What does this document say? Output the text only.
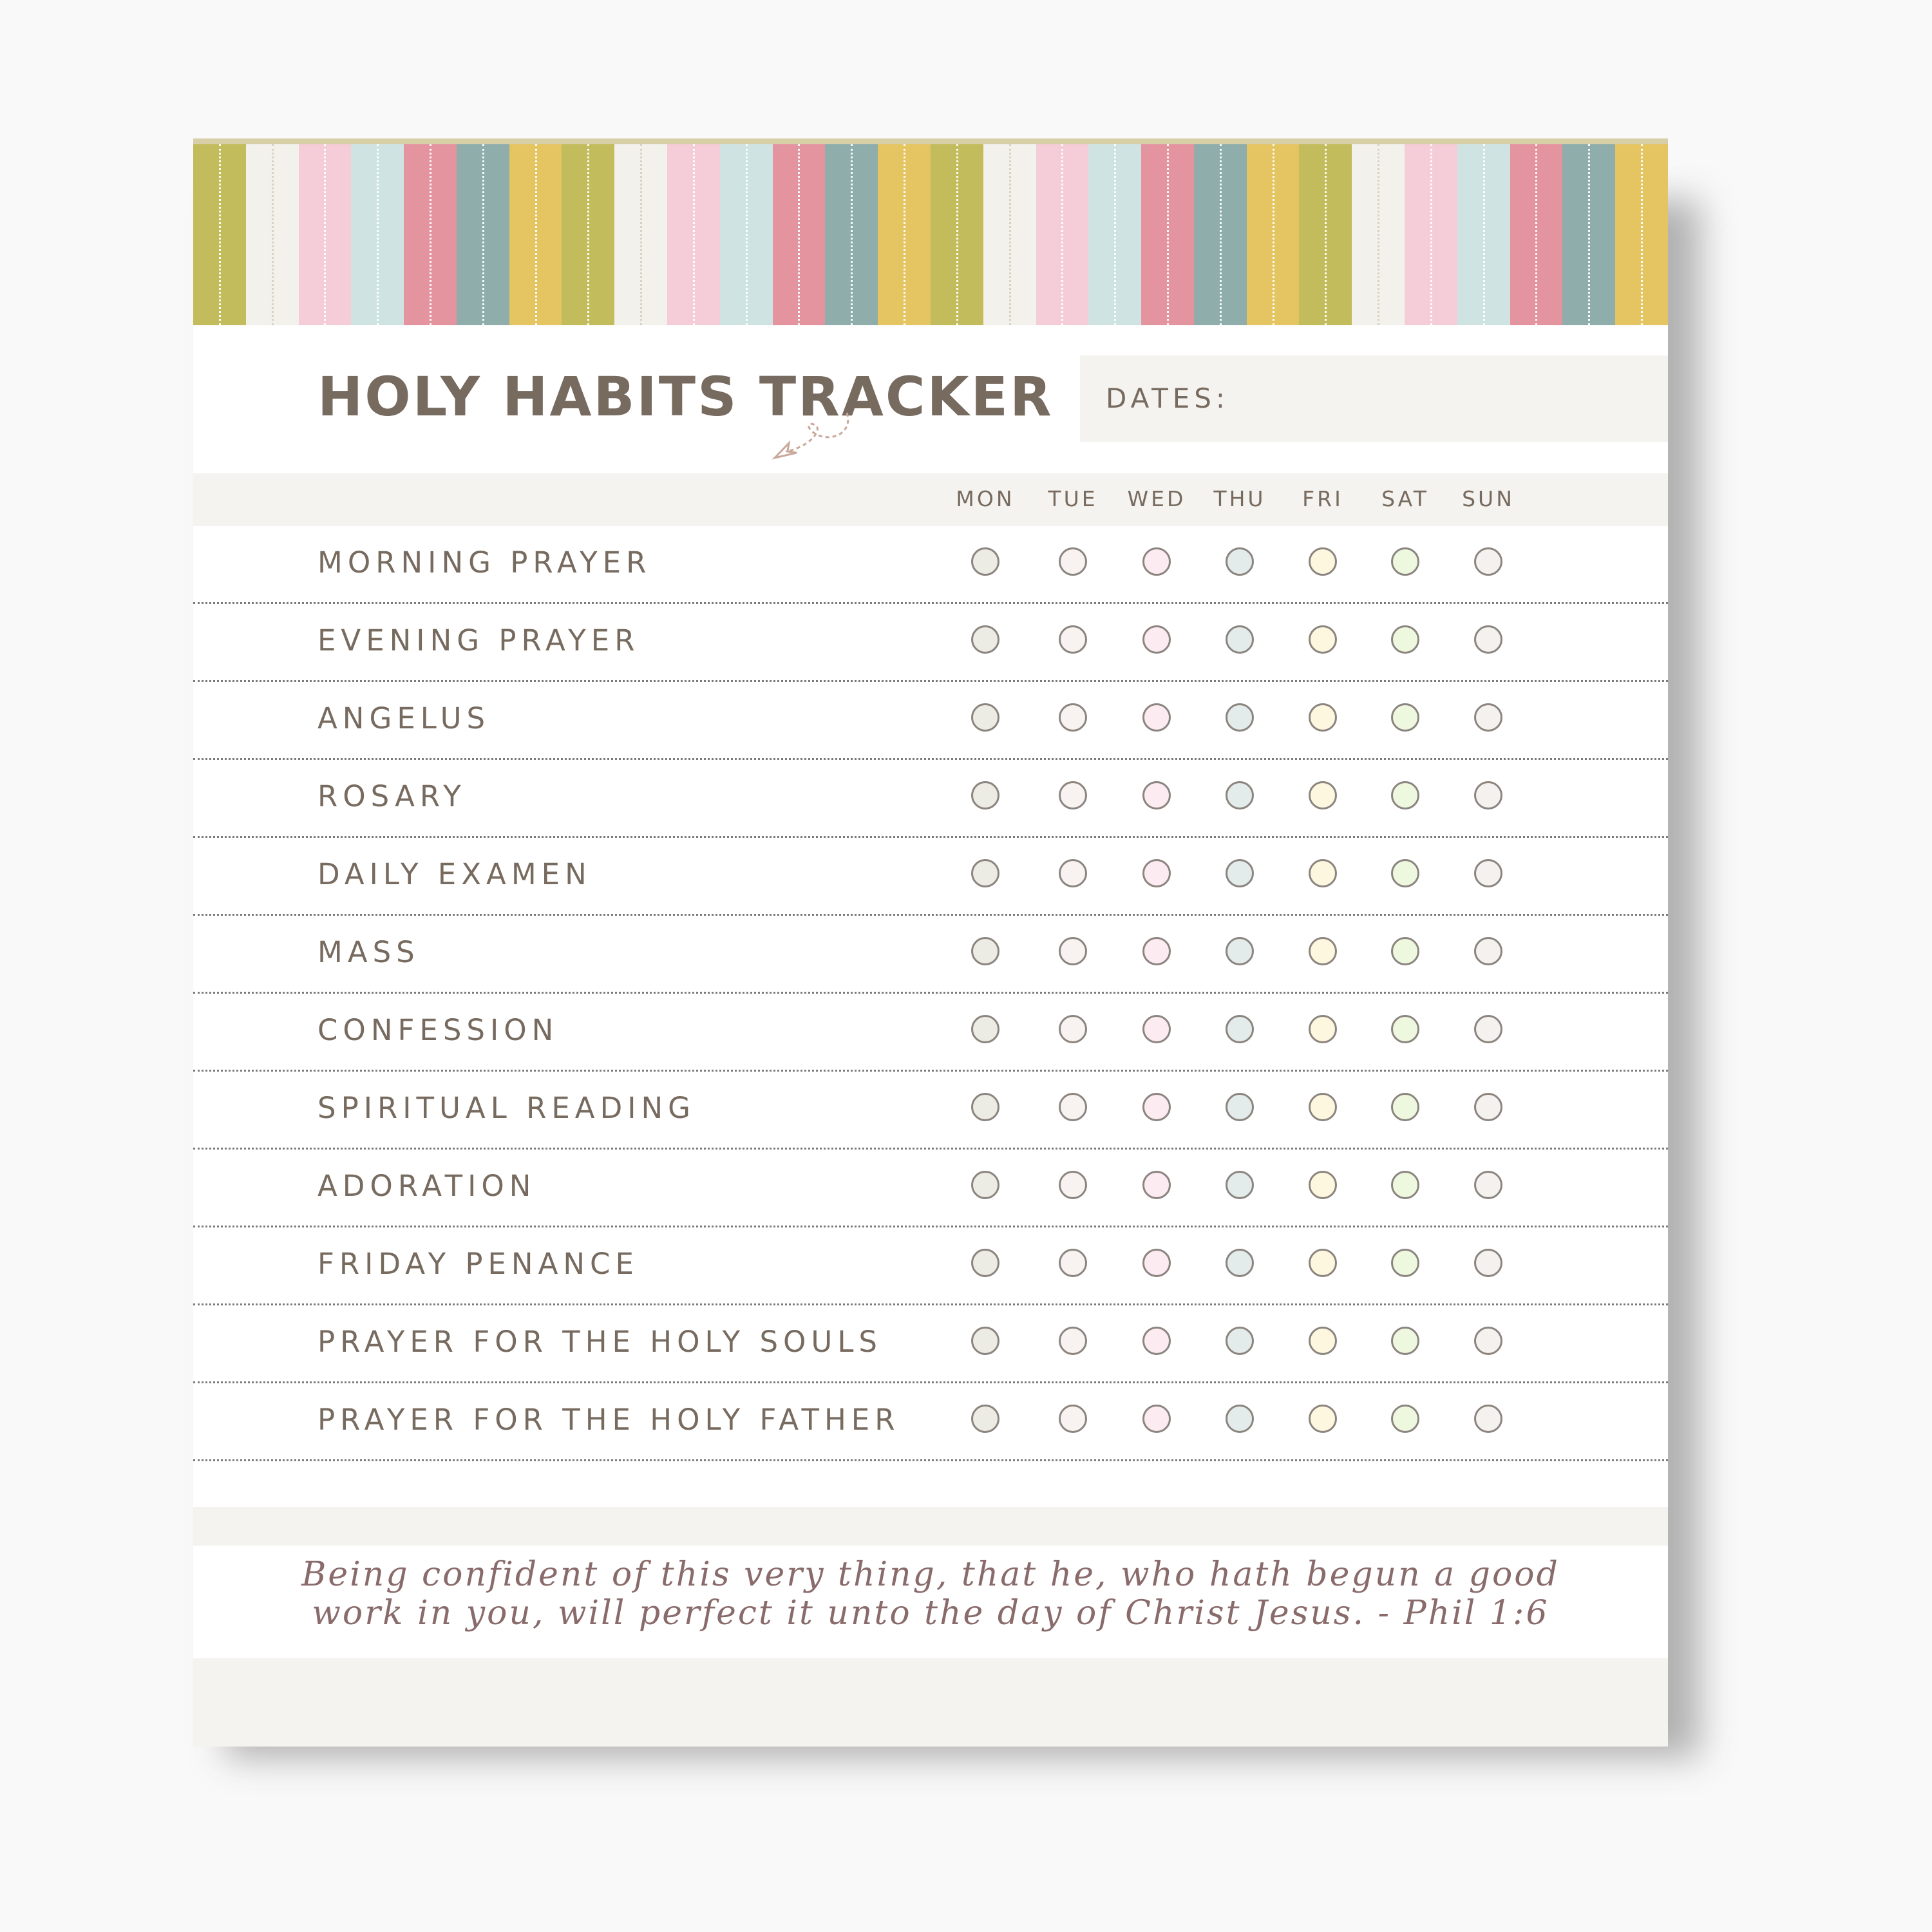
HOLY HABITS TRACKER DATES:
MON	TUE	WED	THU	FRI	SAT	SUN
MORNING PRAYER
EVENING PRAYER
ANGELUS
ROSARY
DAILY EXAMEN
MASS
CONFESSION
SPIRITUAL READING
ADORATION
FRIDAY PENANCE
PRAYER FOR THE HOLY SOULS
PRAYER FOR THE HOLY FATHER
Being confident of this very thing, that he, who hath begun a good
work in you, will perfect it unto the day of Christ Jesus. - Phil 1:6
